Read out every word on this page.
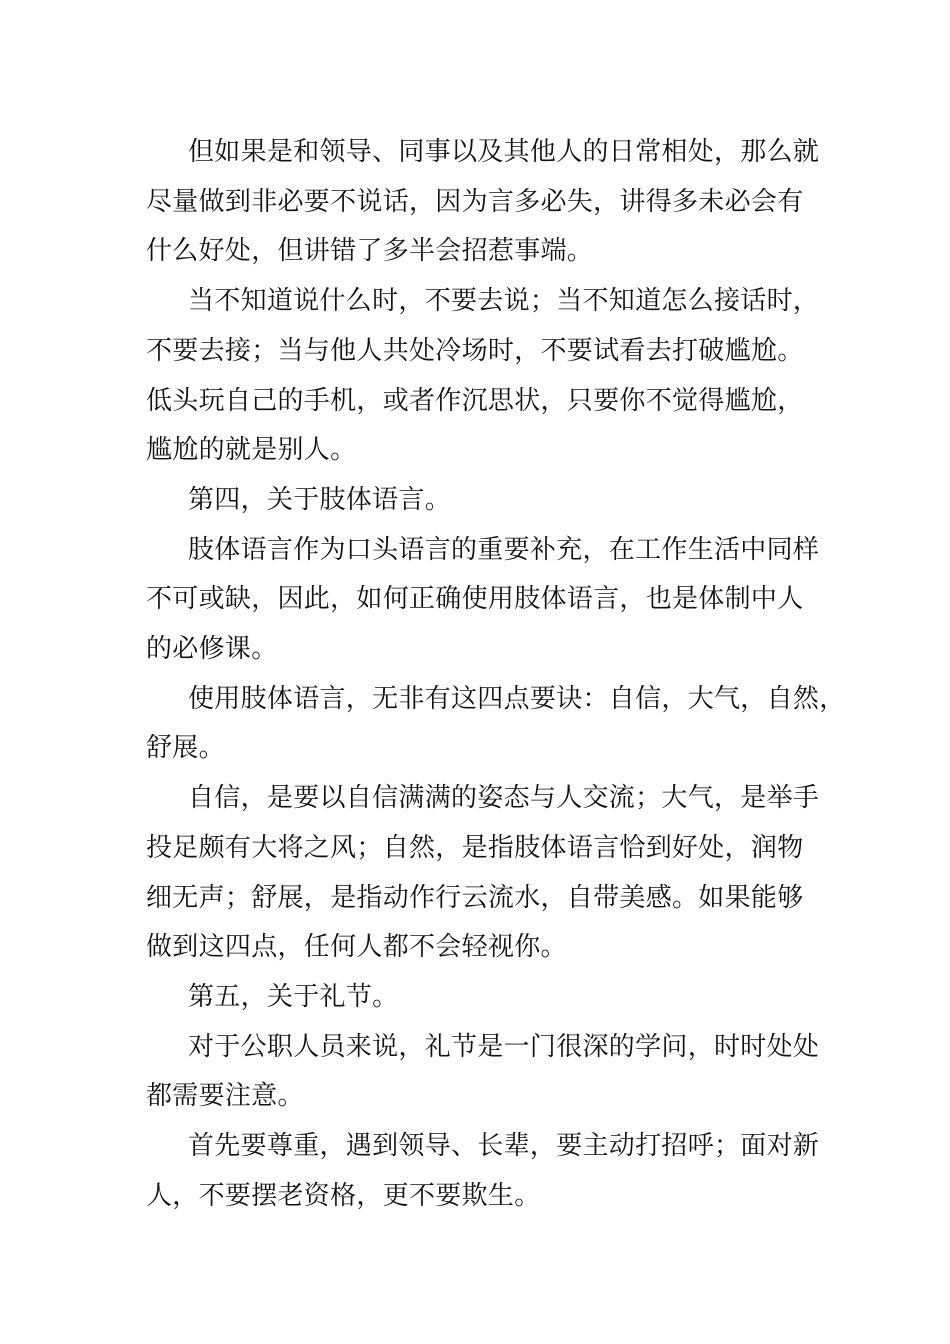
但如果是和领导、同事以及其他人的日常相处，那么就
尽量做到非必要不说话，因为言多必失，讲得多未必会有
什么好处，但讲错了多半会招惹事端。

当不知道说什么时，不要去说；当不知道怎么接话时，
不要去接；当与他人共处冷场时，不要试看去打破尴尬。
低头玩自己的手机，或者作沉思状，只要你不觉得尴尬，
尴尬的就是别人。

第四，关于肢体语言。

肢体语言作为口头语言的重要补充，在工作生活中同样
不可或缺，因此，如何正确使用肢体语言，也是体制中人
的必修课。

使用肢体语言，无非有这四点要诀：自信，大气，自然，
舒展。

自信，是要以自信满满的姿态与人交流；大气，是举手
投足颇有大将之风；自然，是指肢体语言恰到好处，润物
细无声；舒展，是指动作行云流水，自带美感。如果能够
做到这四点，任何人都不会轻视你。

第五，关于礼节。

对于公职人员来说，礼节是一门很深的学问，时时处处
都需要注意。

首先要尊重，遇到领导、长辈，要主动打招呼；面对新
人，不要摆老资格，更不要欺生。
